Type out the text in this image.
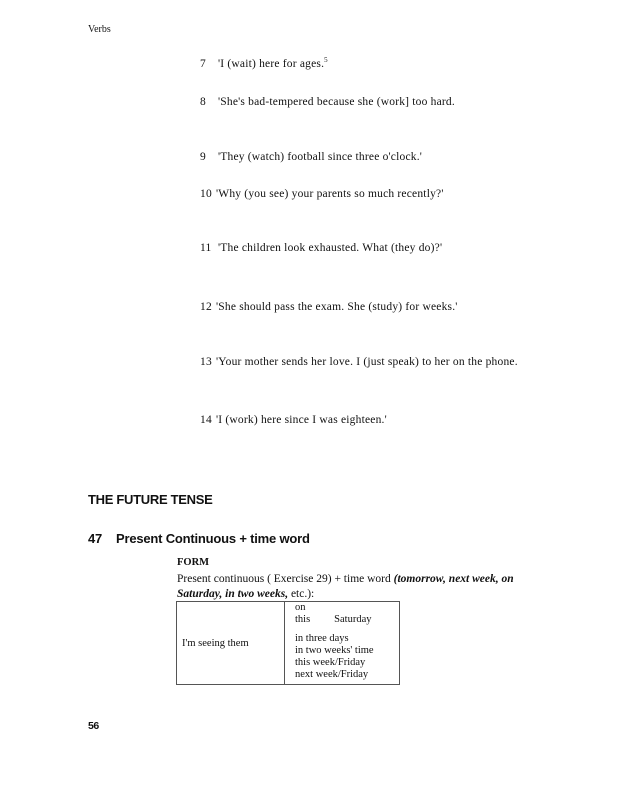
Verbs
7 'I (wait) here for ages.$^5$
8 'She's bad-tempered because she (work] too hard.
9 'They (watch) football since three o'clock.'
10 'Why (you see) your parents so much recently?'
11 'The children look exhausted. What (they do)?'
12 'She should pass the exam. She (study) for weeks.'
13 'Your mother sends her love. I (just speak) to her on the phone.
14 'I (work) here since I was eighteen.'
THE FUTURE TENSE
47 Present Continuous + time word
FORM
Present continuous ( Exercise 29) + time word (tomorrow, next week, on
Saturday, in two weeks, etc.):
I'm seeing them	
on
this Saturday
in three days
in two weeks' time
this week/Friday
next week/Friday
56
